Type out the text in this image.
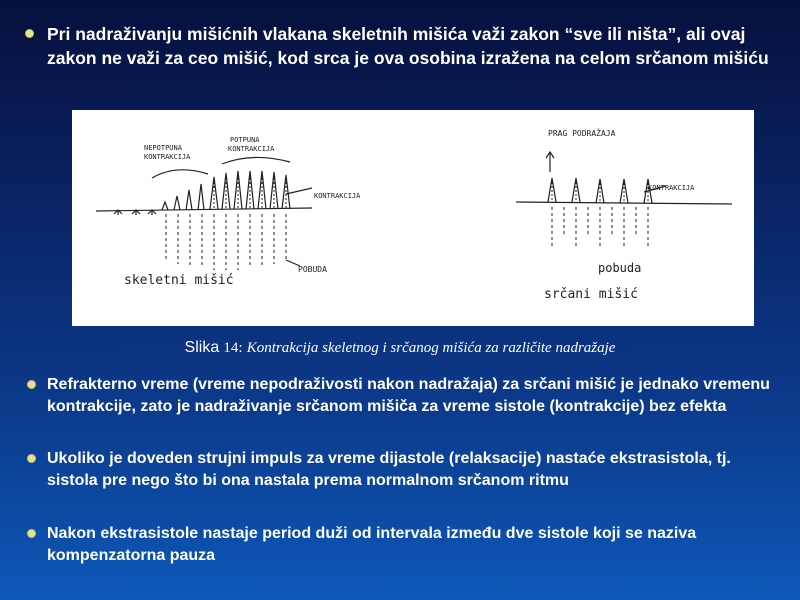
Pri nadraživanju mišićnih vlakana skeletnih mišića važi zakon “sve ili ništa”, ali ovaj zakon ne važi za ceo mišić, kod srca je ova osobina izražena na celom srčanom mišiću
NEPOTPUNA
KONTRAKCIJA
POTPUNA
KONTRAKCIJA
KONTRAKCIJA
POBUDA
skeletni mišić
PRAG PODRAŽAJA
KONTRAKCIJA
pobuda
srčani mišić
Slika 14: Kontrakcija skeletnog i srčanog mišića za različite nadražaje
Refrakterno vreme (vreme nepodraživosti nakon nadražaja) za srčani mišić je jednako vremenu kontrakcije, zato je nadraživanje srčanom mišiča za vreme sistole (kontrakcije) bez efekta
Ukoliko je doveden strujni impuls za vreme dijastole (relaksacije) nastaće ekstrasistola, tj. sistola pre nego što bi ona nastala prema normalnom srčanom ritmu
Nakon ekstrasistole nastaje period duži od intervala između dve sistole koji se naziva kompenzatorna pauza
